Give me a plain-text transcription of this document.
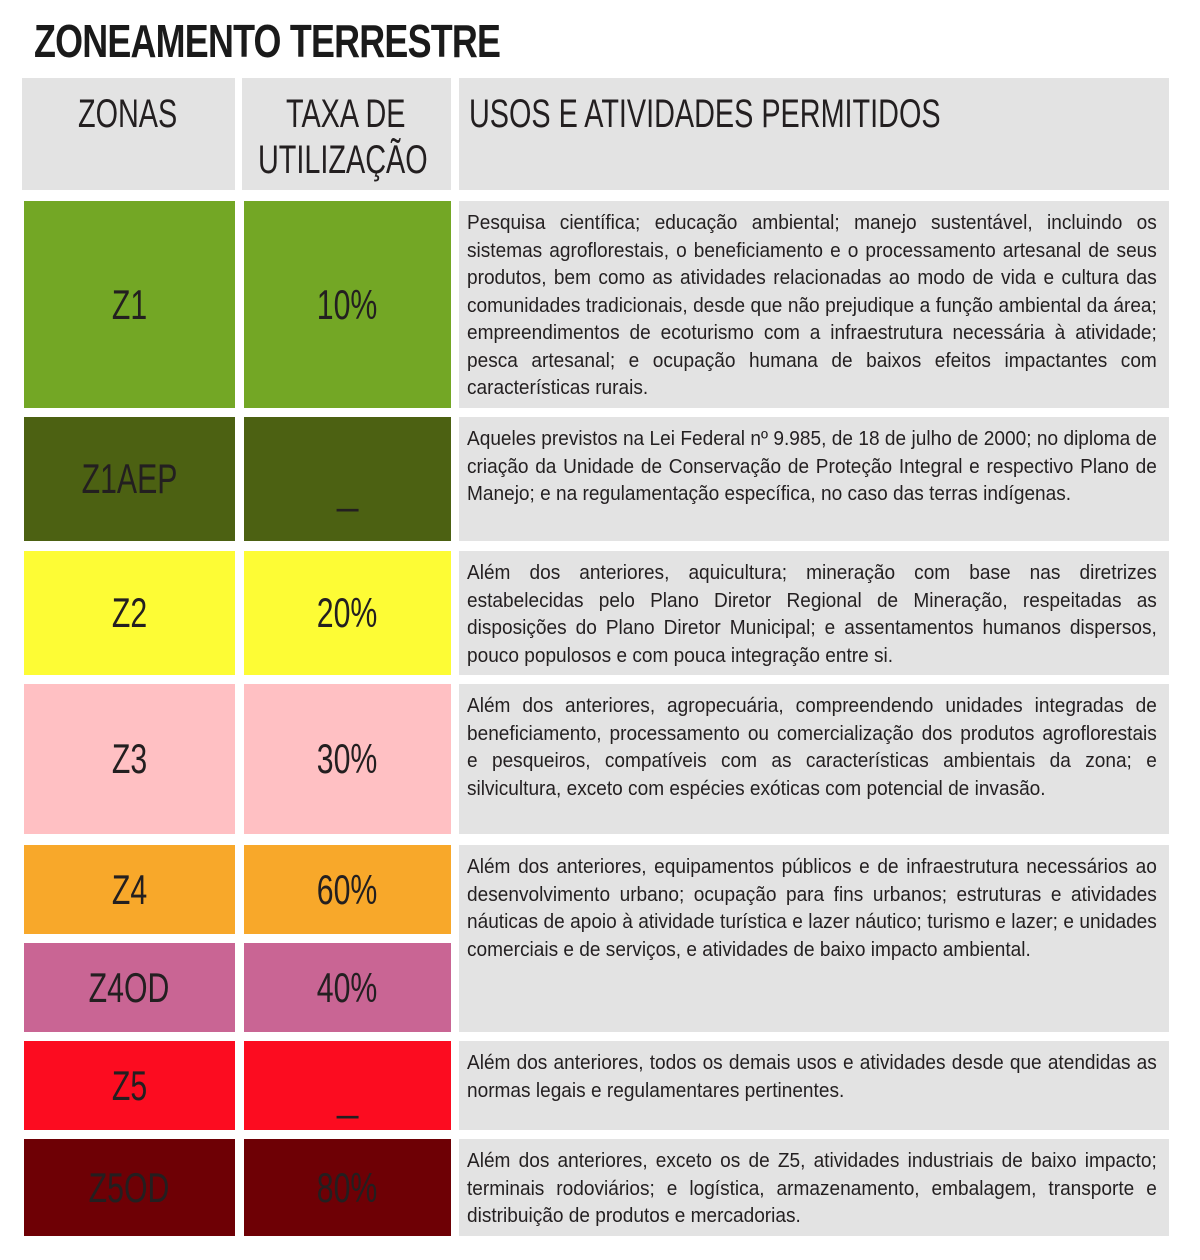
ZONEAMENTO TERRESTRE
ZONAS	TAXA DE
UTILIZAÇÃO
USOS E ATIVIDADES PERMITIDOS
Z1	10%
Pesquisa científica; educação ambiental; manejo sustentável, incluindo os sistemas agroflorestais, o beneficiamento e o processamento artesanal de seus produtos, bem como as atividades relacionadas ao modo de vida e cultura das comunidades tradicionais, desde que não prejudique a função ambiental da área; empreendimentos de ecoturismo com a infraestrutura necessária à atividade; pesca artesanal; e ocupação humana de baixos efeitos impactantes com características rurais.
Z1AEP	_
Aqueles previstos na Lei Federal nº 9.985, de 18 de julho de 2000; no diploma de criação da Unidade de Conservação de Proteção Integral e respectivo Plano de Manejo; e na regulamentação específica, no caso das terras indígenas.
Z2	20%
Além dos anteriores, aquicultura; mineração com base nas diretrizes estabelecidas pelo Plano Diretor Regional de Mineração, respeitadas as disposições do Plano Diretor Municipal; e assentamentos humanos dispersos, pouco populosos e com pouca integração entre si.
Z3	30%
Além dos anteriores, agropecuária, compreendendo unidades integradas de beneficiamento, processamento ou comercialização dos produtos agroflorestais e pesqueiros, compatíveis com as características ambientais da zona; e silvicultura, exceto com espécies exóticas com potencial de invasão.
Z4	60%
Z4OD	40%
Além dos anteriores, equipamentos públicos e de infraestrutura necessários ao desenvolvimento urbano; ocupação para fins urbanos; estruturas e atividades náuticas de apoio à atividade turística e lazer náutico; turismo e lazer; e unidades comerciais e de serviços, e atividades de baixo impacto ambiental.
Z5	_
Além dos anteriores, todos os demais usos e atividades desde que atendidas as normas legais e regulamentares pertinentes.
Z5OD	80%
Além dos anteriores, exceto os de Z5, atividades industriais de baixo impacto; terminais rodoviários; e logística, armazenamento, embalagem, transporte e distribuição de produtos e mercadorias.
